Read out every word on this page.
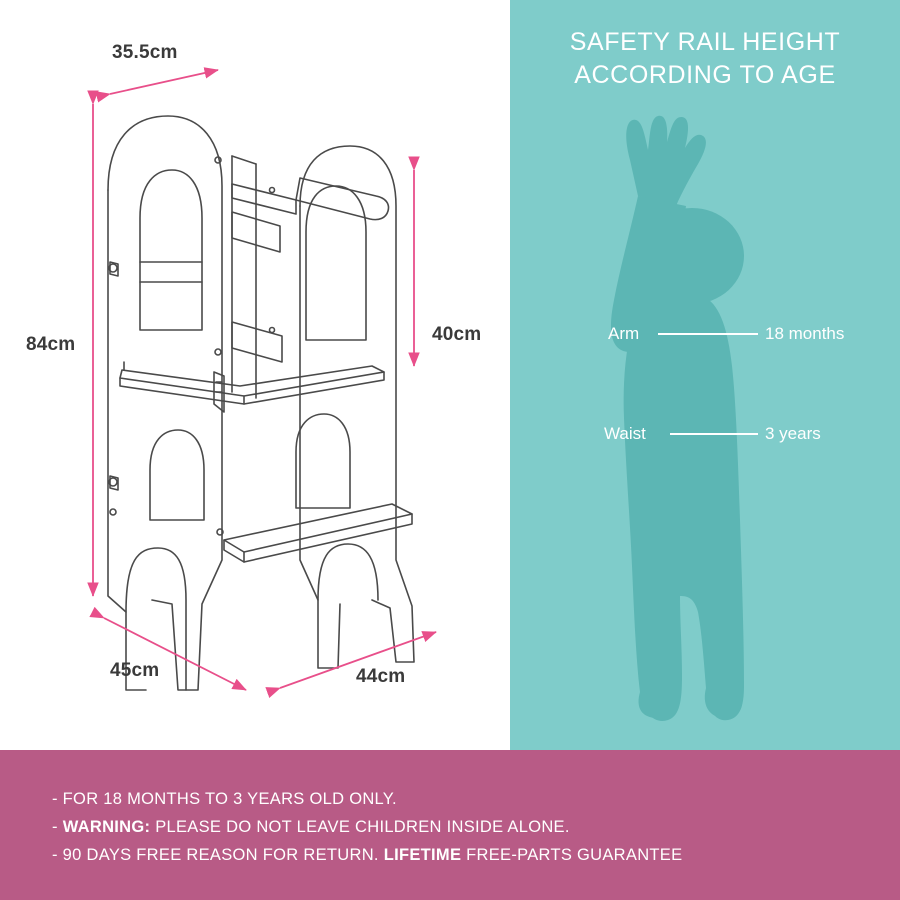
35.5cm
84cm	40cm
45cm	44cm
SAFETY RAIL HEIGHT
ACCORDING TO AGE
Arm	18 months
Waist	3 years
- FOR 18 MONTHS TO 3 YEARS OLD ONLY.
- WARNING: PLEASE DO NOT LEAVE CHILDREN INSIDE ALONE.
- 90 DAYS FREE REASON FOR RETURN. LIFETIME FREE-PARTS GUARANTEE
